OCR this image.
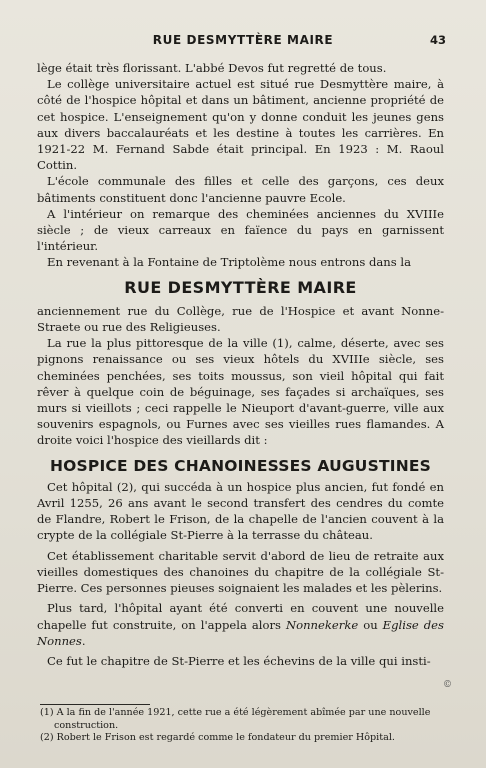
RUE DESMYTTÈRE MAIRE	43

lège était très florissant. L'abbé Devos fut regretté de tous.

Le collège universitaire actuel est situé rue Desmyttère maire, à côté de l'hospice hôpital et dans un bâtiment, ancienne propriété de cet hospice. L'enseignement qu'on y donne conduit les jeunes gens aux divers baccalauréats et les destine à toutes les carrières. En 1921-22 M. Fernand Sabde était principal. En 1923 : M. Raoul Cottin.

L'école communale des filles et celle des garçons, ces deux bâtiments constituent donc l'ancienne pauvre Ecole.

A l'intérieur on remarque des cheminées anciennes du XVIIIe siècle ; de vieux carreaux en faïence du pays en garnissent l'intérieur.

En revenant à la Fontaine de Triptolème nous entrons dans la

RUE DESMYTTÈRE MAIRE

anciennement rue du Collège, rue de l'Hospice et avant Nonne-Straete ou rue des Religieuses.

La rue la plus pittoresque de la ville (1), calme, déserte, avec ses pignons renaissance ou ses vieux hôtels du XVIIIe siècle, ses cheminées penchées, ses toits moussus, son vieil hôpital qui fait rêver à quelque coin de béguinage, ses façades si archaïques, ses murs si vieillots ; ceci rappelle le Nieuport d'avant-guerre, ville aux souvenirs espagnols, ou Furnes avec ses vieilles rues flamandes. A droite voici l'hospice des vieillards dit :

HOSPICE DES CHANOINESSES AUGUSTINES

Cet hôpital (2), qui succéda à un hospice plus ancien, fut fondé en Avril 1255, 26 ans avant le second transfert des cendres du comte de Flandre, Robert le Frison, de la chapelle de l'ancien couvent à la crypte de la collégiale St-Pierre à la terrasse du château.

Cet établissement charitable servit d'abord de lieu de retraite aux vieilles domestiques des chanoines du chapitre de la collégiale St-Pierre. Ces personnes pieuses soignaient les malades et les pèlerins.

Plus tard, l'hôpital ayant été converti en couvent une nouvelle chapelle fut construite, on l'appela alors Nonnekerke ou Eglise des Nonnes.

Ce fut le chapitre de St-Pierre et les échevins de la ville qui insti-

©

(1) A la fin de l'année 1921, cette rue a été légèrement abîmée par une nouvelle construction.

(2) Robert le Frison est regardé comme le fondateur du premier Hôpital.
